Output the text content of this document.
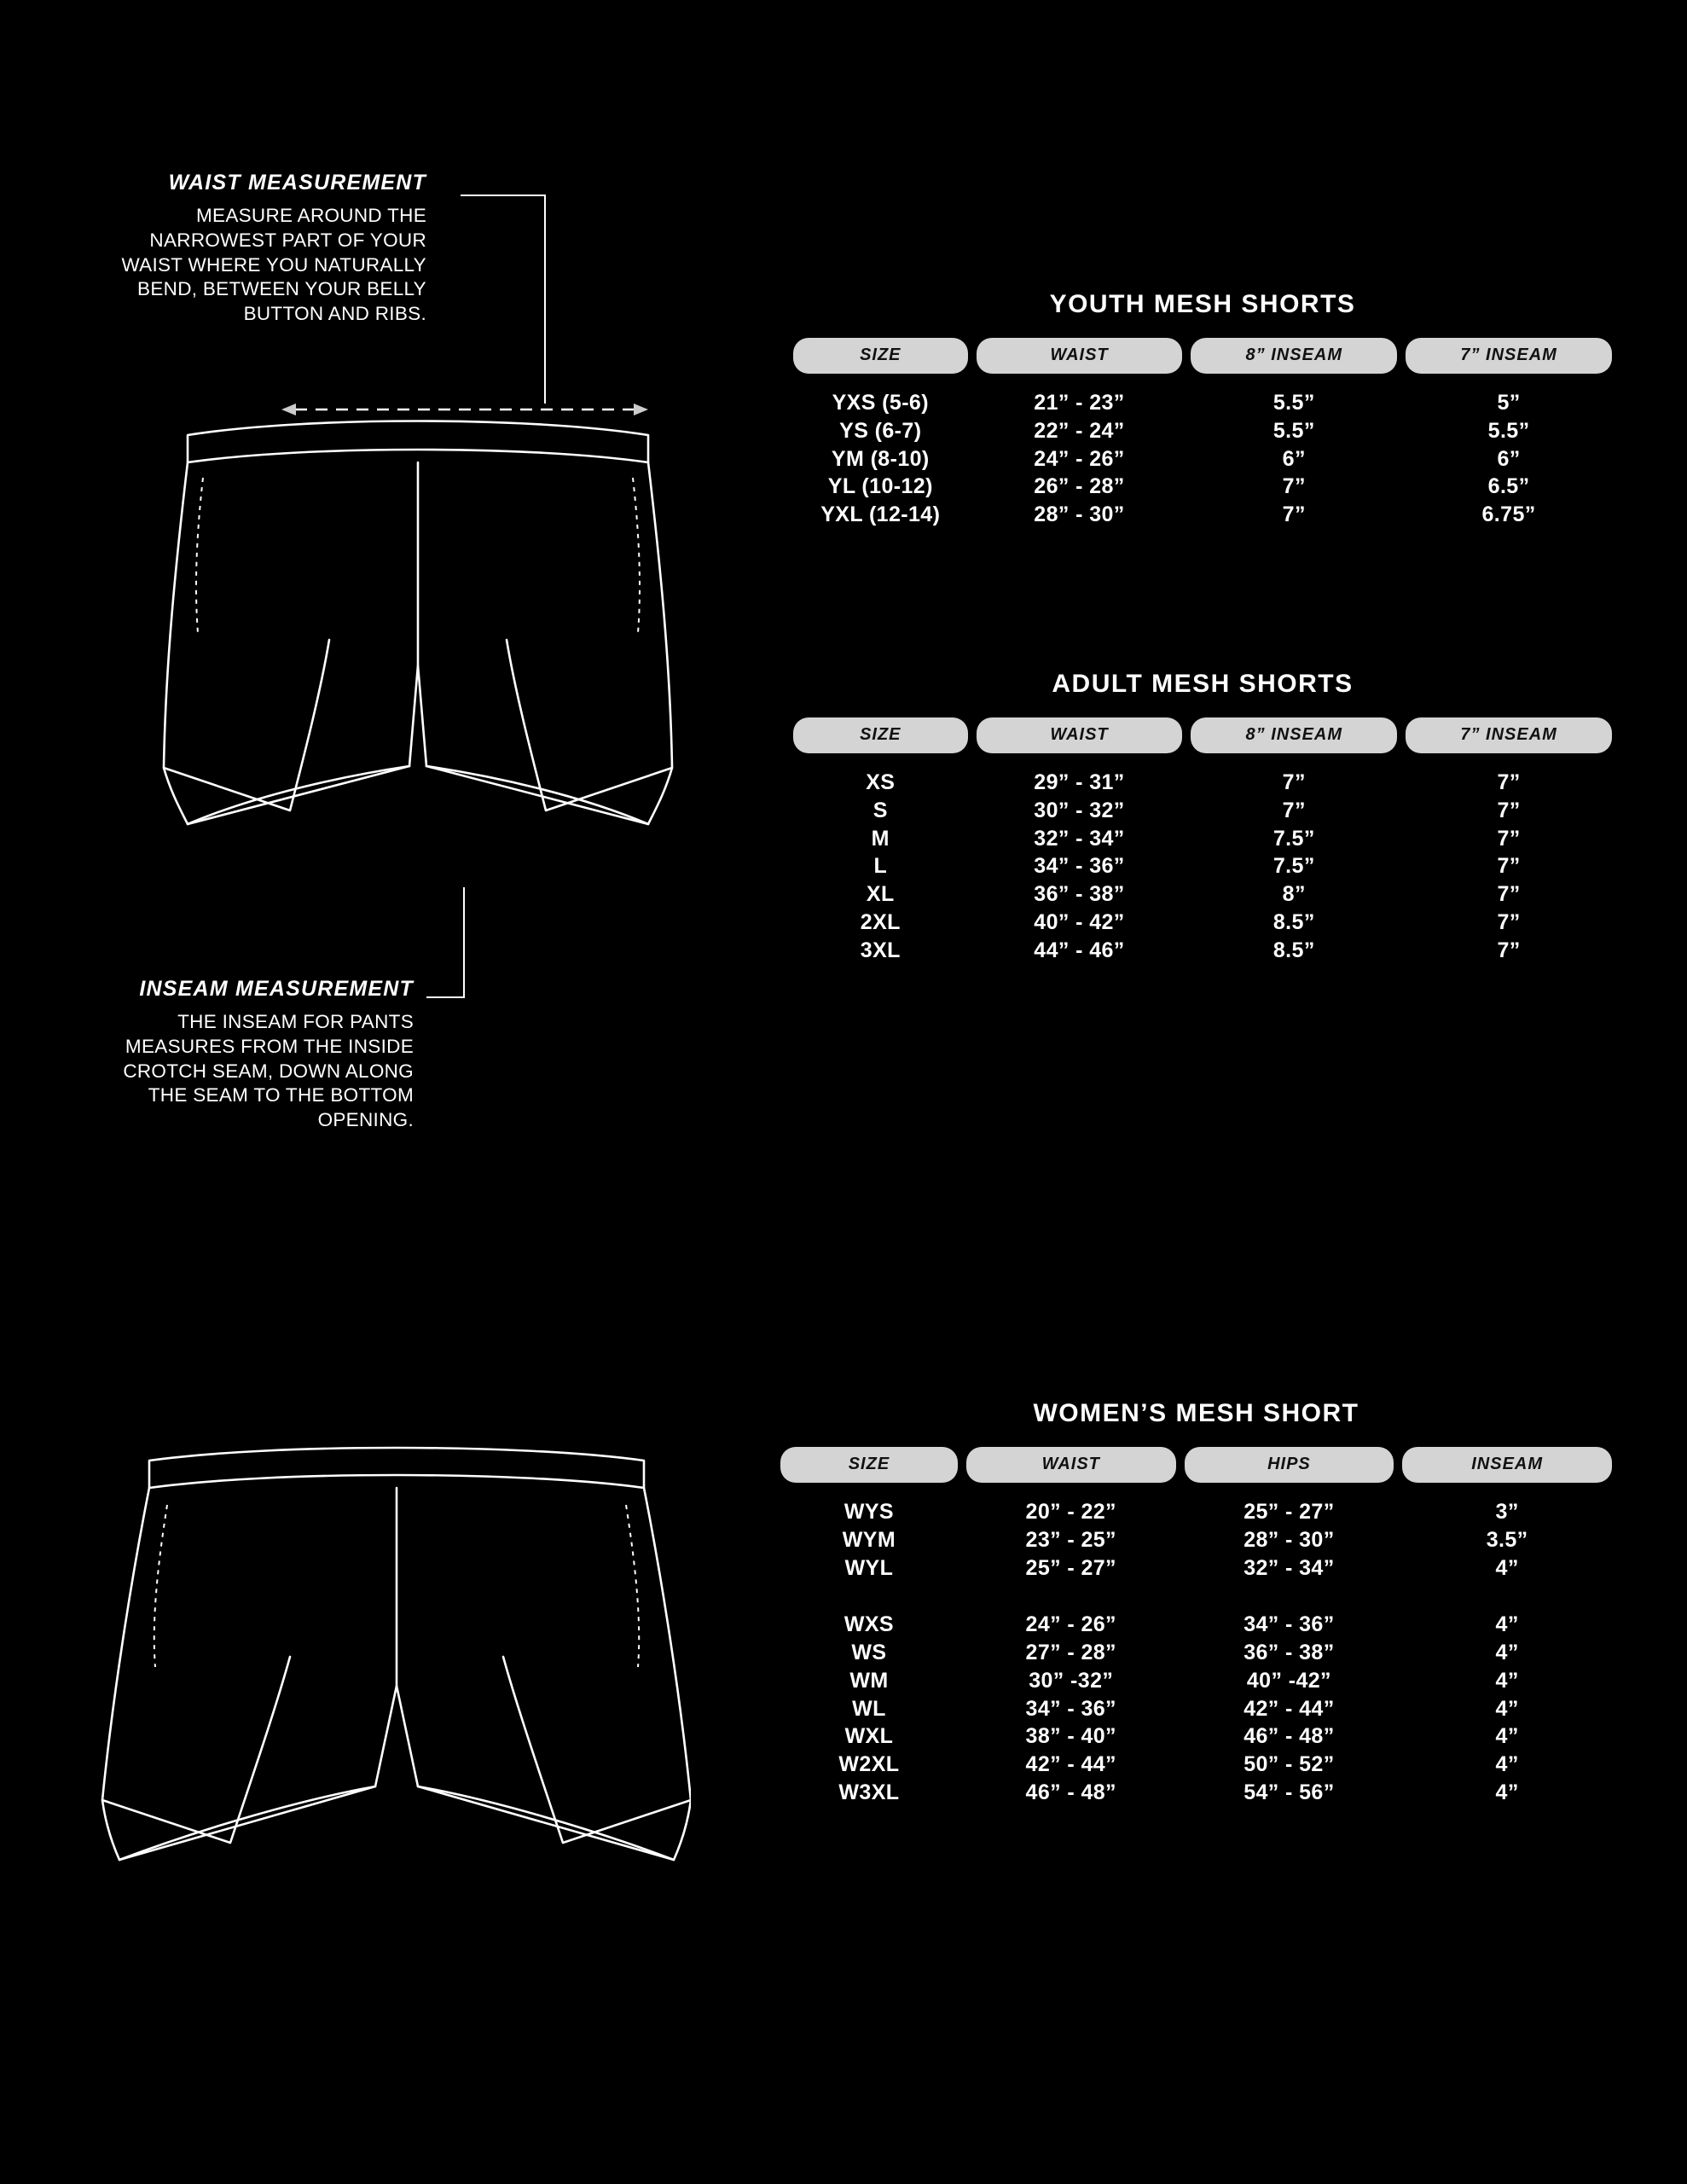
WAIST MEASUREMENT
MEASURE AROUND THE NARROWEST PART OF YOUR WAIST WHERE YOU NATURALLY BEND, BETWEEN YOUR BELLY BUTTON AND RIBS.
INSEAM MEASUREMENT
THE INSEAM FOR PANTS MEASURES FROM THE INSIDE CROTCH SEAM, DOWN ALONG THE SEAM TO THE BOTTOM OPENING.
YOUTH MESH SHORTS
SIZE	WAIST	8” INSEAM	7” INSEAM
YXS (5-6)	21” - 23”	5.5”	5”
YS (6-7)	22” - 24”	5.5”	5.5”
YM (8-10)	24” - 26”	6”	6”
YL (10-12)	26” - 28”	7”	6.5”
YXL (12-14)	28” - 30”	7”	6.75”
ADULT MESH SHORTS
SIZE	WAIST	8” INSEAM	7” INSEAM
XS	29” - 31”	7”	7”
S	30” - 32”	7”	7”
M	32” - 34”	7.5”	7”
L	34” - 36”	7.5”	7”
XL	36” - 38”	8”	7”
2XL	40” - 42”	8.5”	7”
3XL	44” - 46”	8.5”	7”
WOMEN’S MESH SHORT
SIZE	WAIST	HIPS	INSEAM
WYS	20” - 22”	25” - 27”	3”
WYM	23” - 25”	28” - 30”	3.5”
WYL	25” - 27”	32” - 34”	4”

WXS	24” - 26”	34” - 36”	4”
WS	27” - 28”	36” - 38”	4”
WM	30” -32”	40” -42”	4”
WL	34” - 36”	42” - 44”	4”
WXL	38” - 40”	46” - 48”	4”
W2XL	42” - 44”	50” - 52”	4”
W3XL	46” - 48”	54” - 56”	4”
